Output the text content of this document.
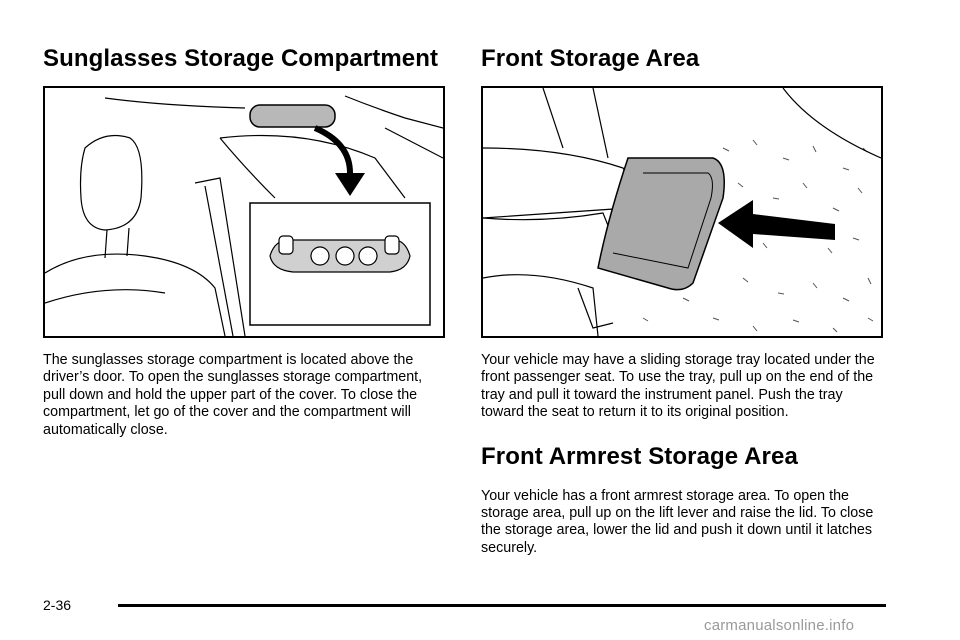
Sunglasses Storage Compartment

The sunglasses storage compartment is located above the driver’s door. To open the sunglasses storage compartment, pull down and hold the upper part of the cover. To close the compartment, let go of the cover and the compartment will automatically close.

Front Storage Area

Your vehicle may have a sliding storage tray located under the front passenger seat. To use the tray, pull up on the end of the tray and pull it toward the instrument panel. Push the tray toward the seat to return it to its original position.

Front Armrest Storage Area

Your vehicle has a front armrest storage area. To open the storage area, pull up on the lift lever and raise the lid. To close the storage area, lower the lid and push it down until it latches securely.

2-36
carmanualsonline.info
